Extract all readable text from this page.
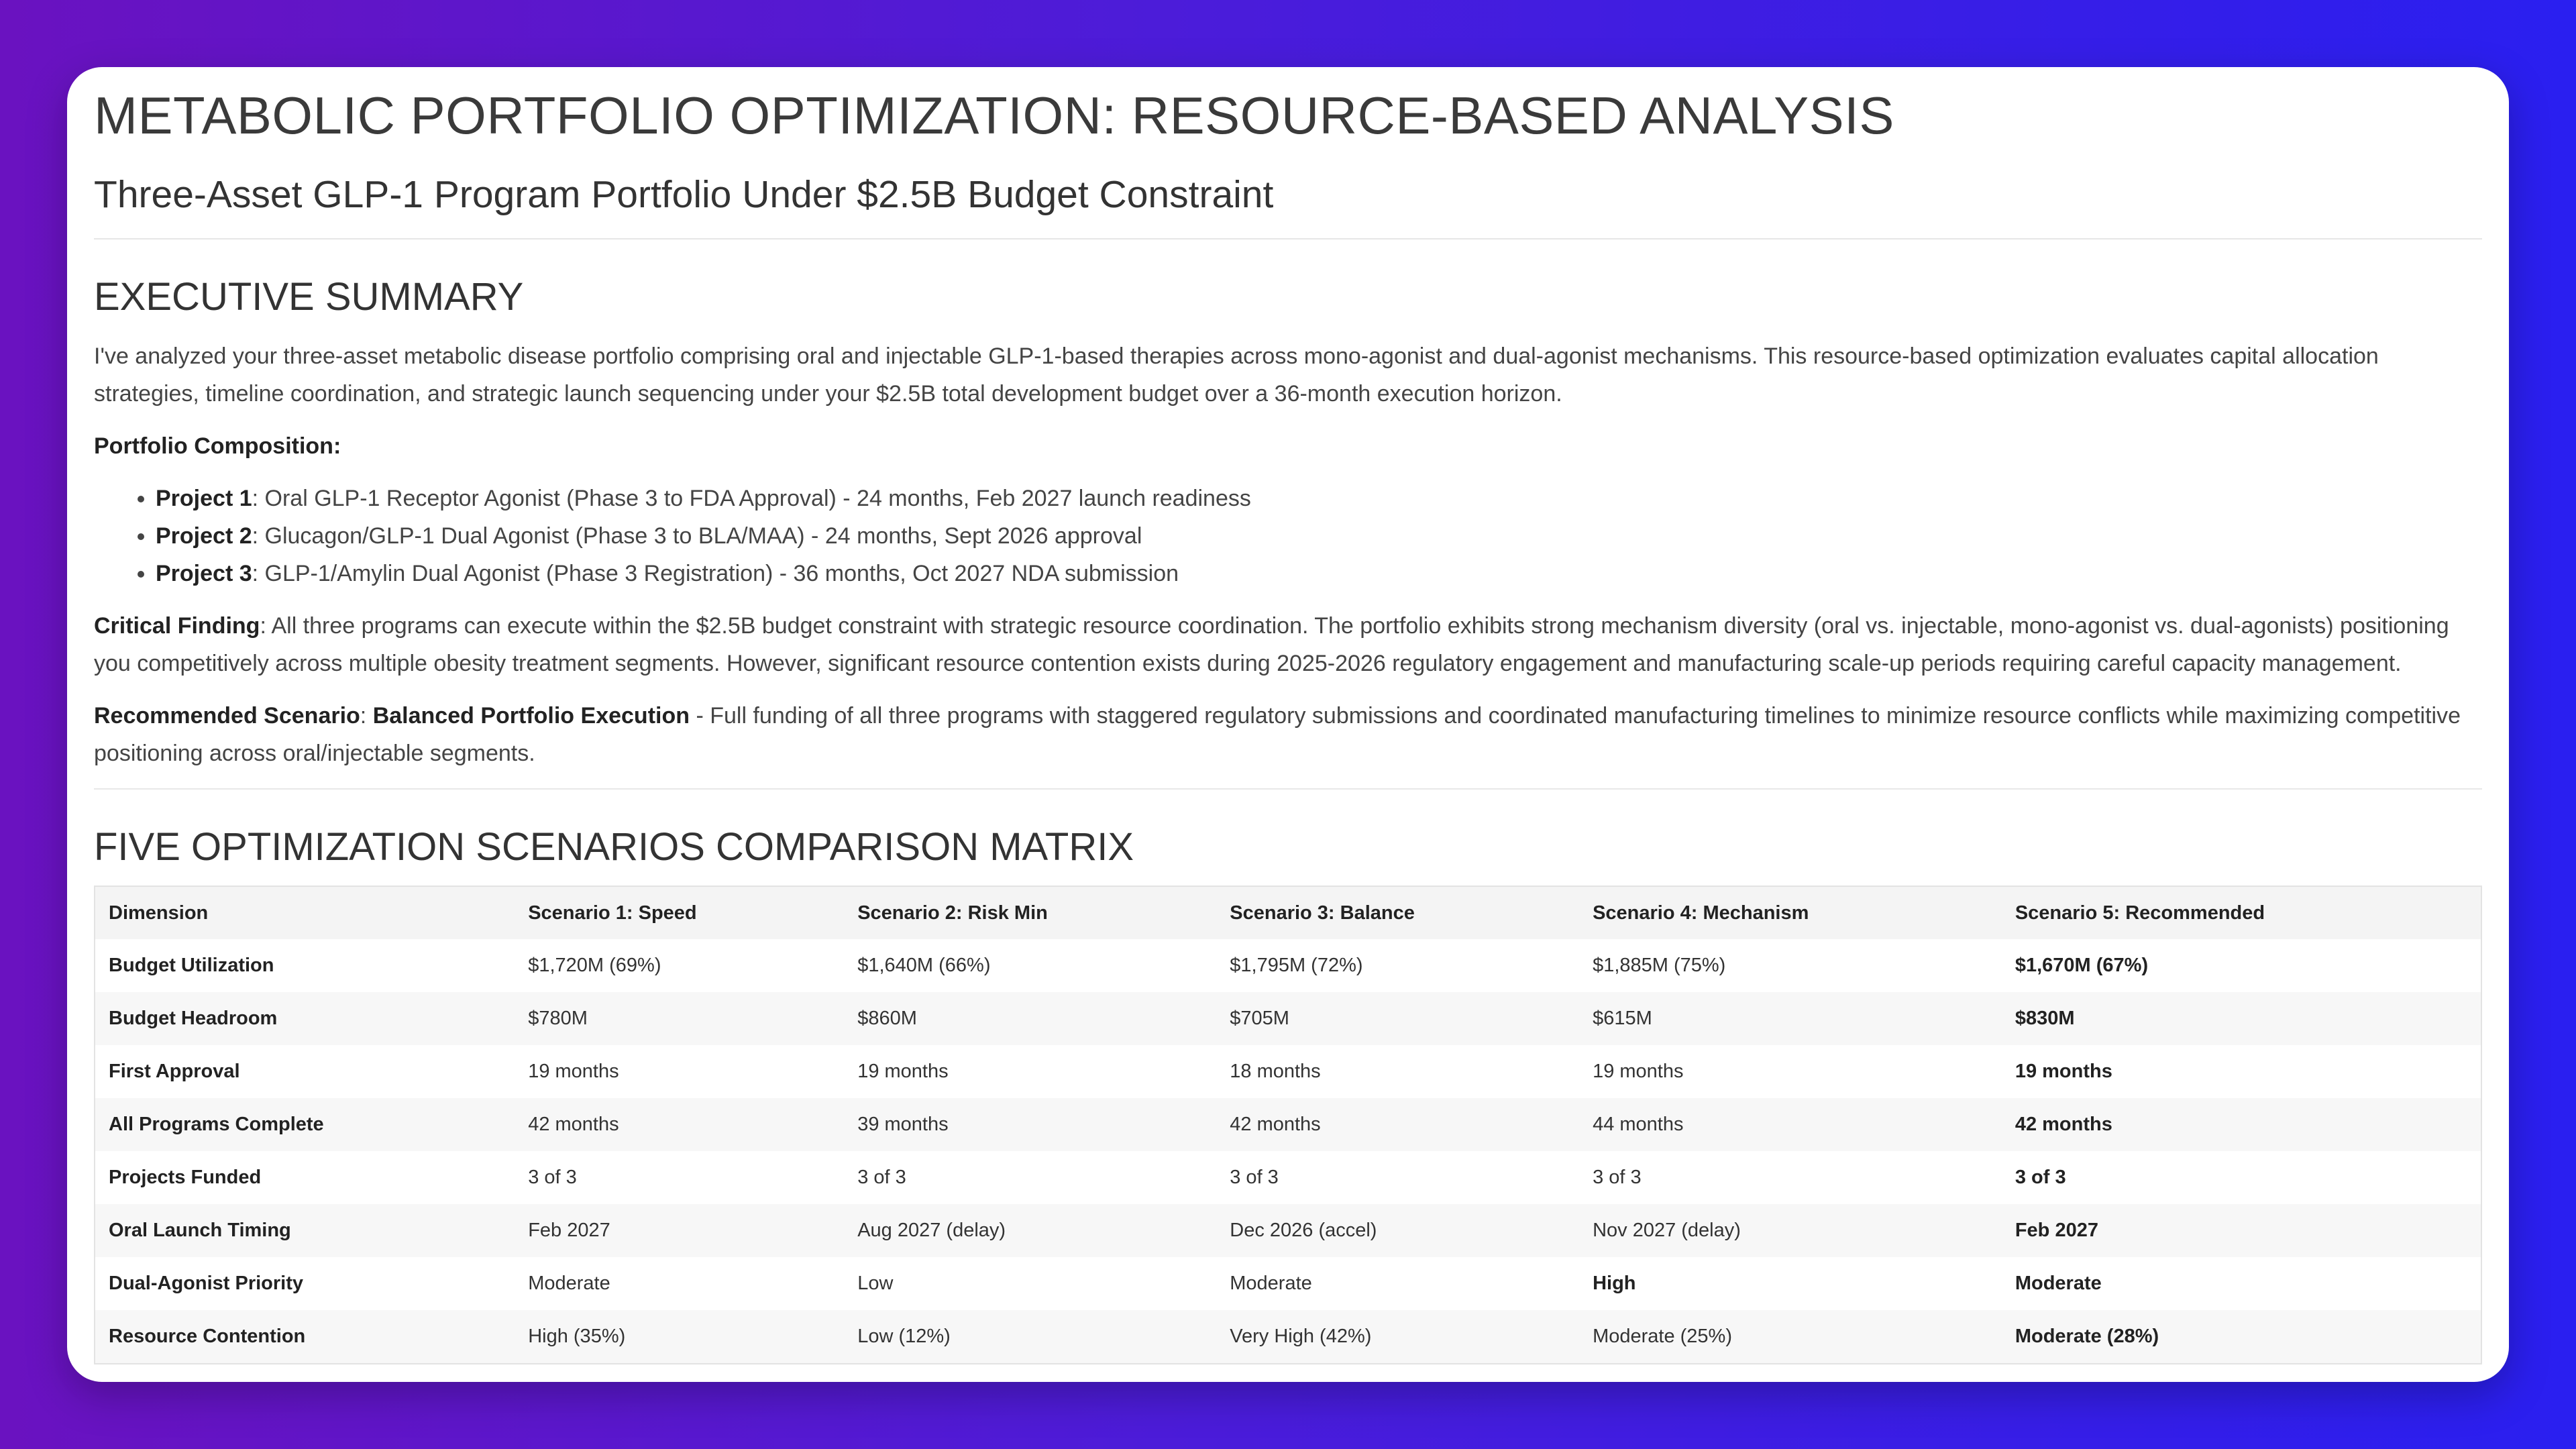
METABOLIC PORTFOLIO OPTIMIZATION: RESOURCE-BASED ANALYSIS
Three-Asset GLP-1 Program Portfolio Under $2.5B Budget Constraint
EXECUTIVE SUMMARY

I've analyzed your three-asset metabolic disease portfolio comprising oral and injectable GLP-1-based therapies across mono-agonist and dual-agonist mechanisms. This resource-based optimization evaluates capital allocation strategies, timeline coordination, and strategic launch sequencing under your $2.5B total development budget over a 36-month execution horizon.

Portfolio Composition:

• Project 1: Oral GLP-1 Receptor Agonist (Phase 3 to FDA Approval) - 24 months, Feb 2027 launch readiness
• Project 2: Glucagon/GLP-1 Dual Agonist (Phase 3 to BLA/MAA) - 24 months, Sept 2026 approval
• Project 3: GLP-1/Amylin Dual Agonist (Phase 3 Registration) - 36 months, Oct 2027 NDA submission

Critical Finding: All three programs can execute within the $2.5B budget constraint with strategic resource coordination. The portfolio exhibits strong mechanism diversity (oral vs. injectable, mono-agonist vs. dual-agonists) positioning you competitively across multiple obesity treatment segments. However, significant resource contention exists during 2025-2026 regulatory engagement and manufacturing scale-up periods requiring careful capacity management.

Recommended Scenario: Balanced Portfolio Execution - Full funding of all three programs with staggered regulatory submissions and coordinated manufacturing timelines to minimize resource conflicts while maximizing competitive positioning across oral/injectable segments.

FIVE OPTIMIZATION SCENARIOS COMPARISON MATRIX
Dimension	Scenario 1: Speed	Scenario 2: Risk Min	Scenario 3: Balance	Scenario 4: Mechanism	Scenario 5: Recommended
Budget Utilization	$1,720M (69%)	$1,640M (66%)	$1,795M (72%)	$1,885M (75%)	$1,670M (67%)
Budget Headroom	$780M	$860M	$705M	$615M	$830M
First Approval	19 months	19 months	18 months	19 months	19 months
All Programs Complete	42 months	39 months	42 months	44 months	42 months
Projects Funded	3 of 3	3 of 3	3 of 3	3 of 3	3 of 3
Oral Launch Timing	Feb 2027	Aug 2027 (delay)	Dec 2026 (accel)	Nov 2027 (delay)	Feb 2027
Dual-Agonist Priority	Moderate	Low	Moderate	High	Moderate
Resource Contention	High (35%)	Low (12%)	Very High (42%)	Moderate (25%)	Moderate (28%)
